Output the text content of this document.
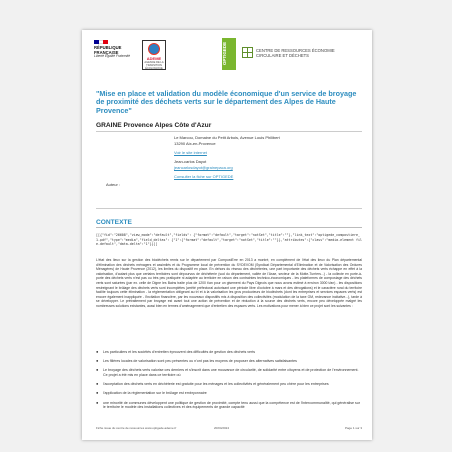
RÉPUBLIQUE FRANÇAISE
Liberté Égalité Fraternité	ADEME
AGENCE DE LA TRANSITION ÉCOLOGIQUE
OPTIGEDE	CENTRE DE RESSOURCES ÉCONOMIE
CIRCULAIRE ET DÉCHETS
"Mise en place et validation du modèle économique d'un service de broyage de proximité des déchets verts sur le département des Alpes de Haute Provence"
GRAINE Provence Alpes Côte d'Azur
Auteur :
Le Marcou, Domaine du Petit Arbois, Avenue Louis Philibert
13290 Aix-en-Provence
Voir le site internet
Jean-carlos Dayot
jeancarlosdayot@grainepaca.org
Consulter la fiche sur OPTIGEDE
CONTEXTE

[[{"fid":"26608","view_mode":"default","fields": {"format":"default","target":"notSet","title":""},"link_text":"optigede_compostiere_1.pdf","type":"media","field_deltas": {"1":{"format":"default","target":"notSet","title":""}},"attributes":{"class":"media-element file-default","data-delta":"1"}}]]

L'état des lieux sur la gestion des biodéchets remis sur le département par CompostErre en 2013 a montré, en complément de l'état des lieux du Plan départemental d'élimination des déchets ménagers et assimilés et du Programme local de prévention du SYDEVOM (Syndicat Départemental d'Elimination et de Valorisation des Ordures Ménagères) de Haute Provence (2012), les limites du dispositif en place. En dehors du réseau des déchèteries, une part importante des déchets verts échappe en effet à la valorisation, d'autant plus que certains territoires sont dépourvus de déchèterie (sud du département, vallée de l'Asse, secteur de la Motte-Turriers...) - la collecte en porte-à-porte des déchets verts n'est pas ou très peu pratiquée ni adaptée au territoire en raison des contraintes technico-économiques - les plateformes de compostage des déchets verts sont saturées (par ex. celle de Digne les Bains traite plus de 1200 t/an pour un gisement du Pays Dignois que nous avons estimé à environ 3000 t/an) - les dispositions restreignant le brûlage des déchets verts sont incomplètes (arrêté préfectoral autorisant une période libre d'octobre à mars et des dérogations) et le caractère rural du territoire facilite toujours cette élimination - la réglementation obligeant au tri et à la valorisation les gros producteurs de biodéchets (dont les entreprises et services espaces verts) est encore également inappliquée - l'incitation financière, par les nouveaux dispositifs mis à disposition des collectivités (modulation de la taxe OM, redevance incitative...), tarde à se développer. Le prétraitement par broyage est avant tout une action de prévention et de réduction à la source des déchets verts, encore peu développée malgré les nombreuses solutions existantes, aussi bien en termes d'aménagement que d'entretien des espaces verts. Les motivations pour mener à bien ce projet sont les suivantes :

● Les particuliers et les sociétés d'entretien éprouvent des difficultés de gestion des déchets verts
● Les filières locales de valorisation sont peu présentes ou n'ont pas les moyens de proposer des alternatives satisfaisantes
● Le broyage des déchets verts valorise ces derniers et s'inscrit dans une mouvance de circularité, de solidarité entre citoyens et de protection de l'environnement. Ce projet a été mis en place dans ce territoire où
● l'acceptation des déchets verts en déchèterie est gratuite pour les ménages et les collectivités et généralement peu chère pour les entreprises
● l'application de la réglementation sur le brûlage est embryonnaire
● une minorité de communes développent une politique de gestion de proximité, compte tenu aussi que la compétence est de l'intercommunalité, qui généralise sur le territoire le modèle des installations collectives et des équipements de grande capacité
Fiche issue du centre de ressources www.optigede.ademe.fr	20/04/2024	Page 1 sur 3
